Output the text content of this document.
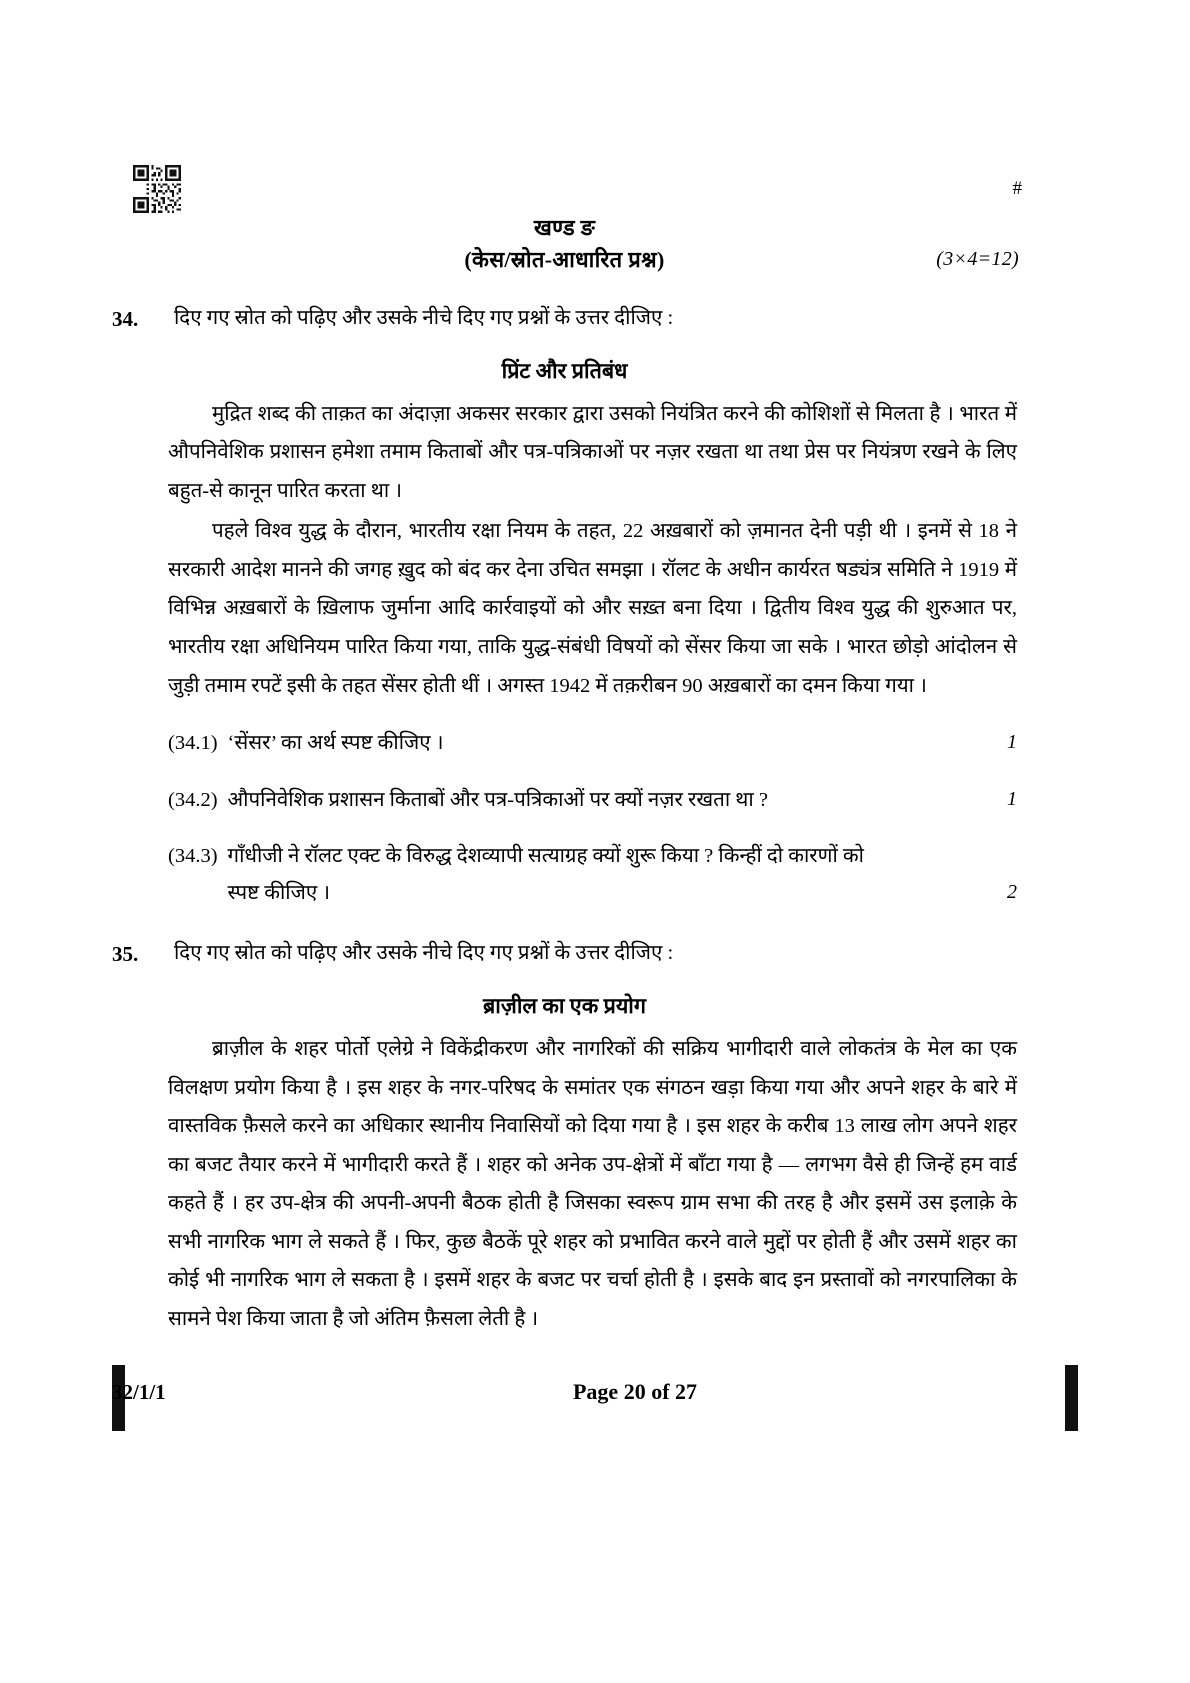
#
खण्ड ङ
(केस/स्रोत-आधारित प्रश्न)	(3×4=12)
34.	दिए गए स्रोत को पढ़िए और उसके नीचे दिए गए प्रश्नों के उत्तर दीजिए :
प्रिंट और प्रतिबंध

मुद्रित शब्द की ताक़त का अंदाज़ा अकसर सरकार द्वारा उसको नियंत्रित करने की कोशिशों से मिलता है । भारत में औपनिवेशिक प्रशासन हमेशा तमाम किताबों और पत्र-पत्रिकाओं पर नज़र रखता था तथा प्रेस पर नियंत्रण रखने के लिए बहुत-से कानून पारित करता था ।

पहले विश्व युद्ध के दौरान, भारतीय रक्षा नियम के तहत, 22 अख़बारों को ज़मानत देनी पड़ी थी । इनमें से 18 ने सरकारी आदेश मानने की जगह ख़ुद को बंद कर देना उचित समझा । रॉलट के अधीन कार्यरत षड्यंत्र समिति ने 1919 में विभिन्न अख़बारों के ख़िलाफ जुर्माना आदि कार्रवाइयों को और सख़्त बना दिया । द्वितीय विश्व युद्ध की शुरुआत पर, भारतीय रक्षा अधिनियम पारित किया गया, ताकि युद्ध-संबंधी विषयों को सेंसर किया जा सके । भारत छोड़ो आंदोलन से जुड़ी तमाम रपटें इसी के तहत सेंसर होती थीं । अगस्त 1942 में तक़रीबन 90 अख़बारों का दमन किया गया ।

(34.1) ‘सेंसर’ का अर्थ स्पष्ट कीजिए ।	1
(34.2) औपनिवेशिक प्रशासन किताबों और पत्र-पत्रिकाओं पर क्यों नज़र रखता था ?	1
(34.3) गाँधीजी ने रॉलट एक्ट के विरुद्ध देशव्यापी सत्याग्रह क्यों शुरू किया ? किन्हीं दो कारणों को
स्पष्ट कीजिए ।	2
35.	दिए गए स्रोत को पढ़िए और उसके नीचे दिए गए प्रश्नों के उत्तर दीजिए :
ब्राज़ील का एक प्रयोग

ब्राज़ील के शहर पोर्तो एलेग्रे ने विकेंद्रीकरण और नागरिकों की सक्रिय भागीदारी वाले लोकतंत्र के मेल का एक विलक्षण प्रयोग किया है । इस शहर के नगर-परिषद के समांतर एक संगठन खड़ा किया गया और अपने शहर के बारे में वास्तविक फ़ैसले करने का अधिकार स्थानीय निवासियों को दिया गया है । इस शहर के करीब 13 लाख लोग अपने शहर का बजट तैयार करने में भागीदारी करते हैं । शहर को अनेक उप-क्षेत्रों में बाँटा गया है — लगभग वैसे ही जिन्हें हम वार्ड कहते हैं । हर उप-क्षेत्र की अपनी-अपनी बैठक होती है जिसका स्वरूप ग्राम सभा की तरह है और इसमें उस इलाक़े के सभी नागरिक भाग ले सकते हैं । फिर, कुछ बैठकें पूरे शहर को प्रभावित करने वाले मुद्दों पर होती हैं और उसमें शहर का कोई भी नागरिक भाग ले सकता है । इसमें शहर के बजट पर चर्चा होती है । इसके बाद इन प्रस्तावों को नगरपालिका के सामने पेश किया जाता है जो अंतिम फ़ैसला लेती है ।

32/1/1	Page 20 of 27
